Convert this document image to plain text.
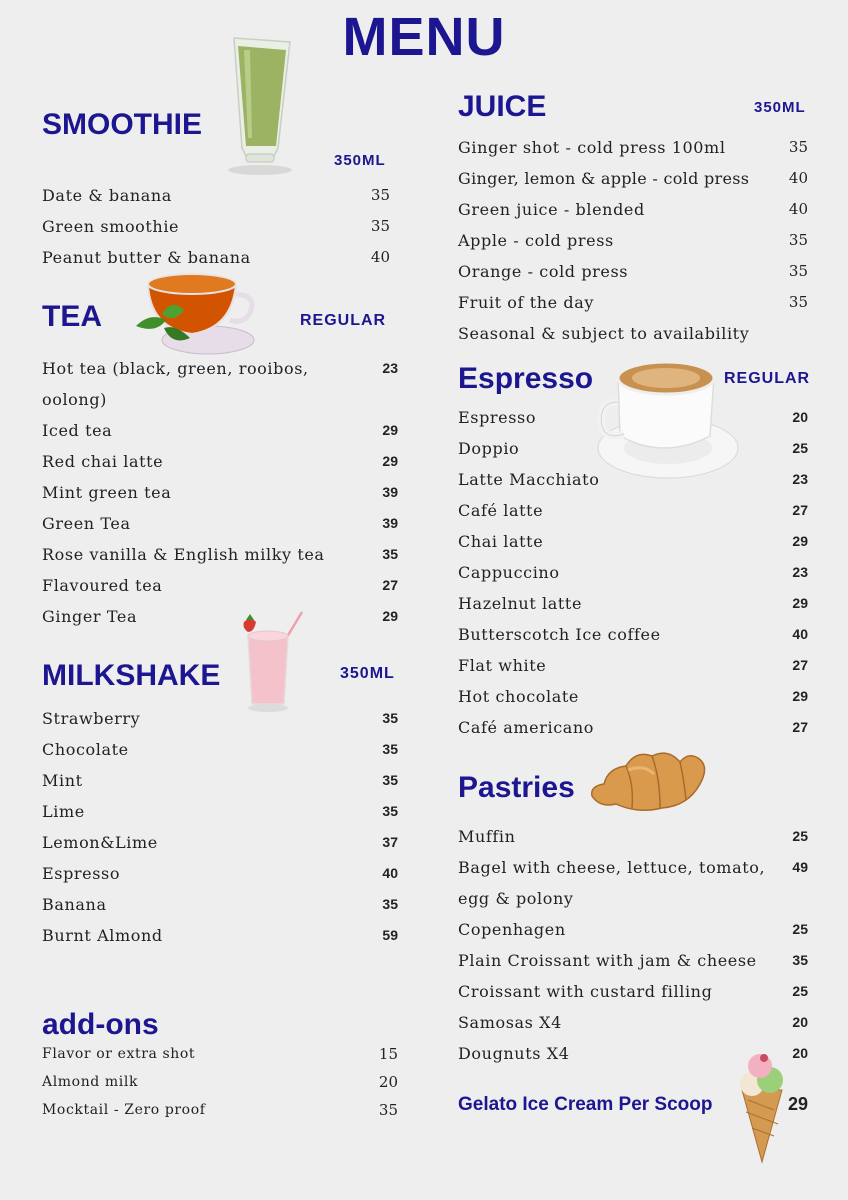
MENU
SMOOTHIE
350ML
Date & banana	35
Green smoothie	35
Peanut butter & banana	40
TEA	REGULAR
Hot tea (black, green, rooibos, oolong)
23
Iced tea	29
Red chai latte	29
Mint green tea	39
Green Tea	39
Rose vanilla & English milky tea	35
Flavoured tea	27
Ginger Tea	29
MILKSHAKE	350ML
Strawberry	35
Chocolate	35
Mint	35
Lime	35
Lemon&Lime	37
Espresso	40
Banana	35
Burnt Almond	59
add-ons
Flavor or extra shot	15
Almond milk	20
Mocktail - Zero proof	35
JUICE	350ML
Ginger shot - cold press 100ml	35
Ginger, lemon & apple - cold press	40
Green juice - blended	40
Apple - cold press	35
Orange - cold press	35
Fruit of the day	35
Seasonal & subject to availability
Espresso	REGULAR
Espresso	20
Doppio	25
Latte Macchiato	23
Café latte	27
Chai latte	29
Cappuccino	23
Hazelnut latte	29
Butterscotch Ice coffee	40
Flat white	27
Hot chocolate	29
Café americano	27
Pastries
Muffin	25
Bagel with cheese, lettuce, tomato, egg & polony
49
Copenhagen	25
Plain Croissant with jam & cheese	35
Croissant with custard filling	25
Samosas X4	20
Dougnuts X4	20
Gelato Ice Cream Per Scoop	29
